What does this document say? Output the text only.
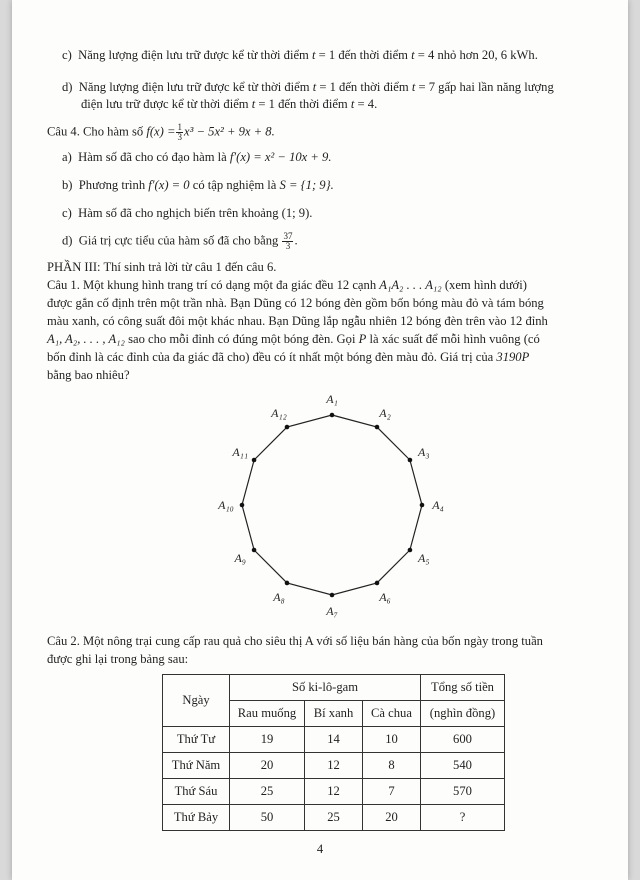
c) Năng lượng điện lưu trữ được kể từ thời điểm t = 1 đến thời điểm t = 4 nhỏ hơn 20, 6 kWh.
d) Năng lượng điện lưu trữ được kể từ thời điểm t = 1 đến thời điểm t = 7 gấp hai lần năng lượng
điện lưu trữ được kể từ thời điểm t = 1 đến thời điểm t = 4.
Câu 4. Cho hàm số $f(x) = \frac{1}{3} x^3 - 5x^2 + 9x + 8$.
a) Hàm số đã cho có đạo hàm là f′(x) = x² − 10x + 9.
b) Phương trình f′(x) = 0 có tập nghiệm là S = {1; 9}.
c) Hàm số đã cho nghịch biến trên khoảng (1; 9).
d) Giá trị cực tiểu của hàm số đã cho bằng $\frac{37}{3}$ .
PHẦN III: Thí sinh trả lời từ câu 1 đến câu 6.
Câu 1. Một khung hình trang trí có dạng một đa giác đều 12 cạnh A₁A₂ . . . A₁₂ (xem hình dưới)
được gắn cố định trên một trần nhà. Bạn Dũng có 12 bóng đèn gồm bốn bóng màu đỏ và tám bóng
màu xanh, có công suất đôi một khác nhau. Bạn Dũng lắp ngẫu nhiên 12 bóng đèn trên vào 12 đỉnh
A₁, A₂, . . . , A₁₂ sao cho mỗi đỉnh có đúng một bóng đèn. Gọi P là xác suất để mỗi hình vuông (có
bốn đỉnh là các đỉnh của đa giác đã cho) đều có ít nhất một bóng đèn màu đỏ. Giá trị của 3190P
bằng bao nhiêu?
A₁
A₂
A₃
A₄
A₅
A₆
A₇
A₈
A₉
A₁₀
A₁₁
A₁₂
Câu 2. Một nông trại cung cấp rau quả cho siêu thị A với số liệu bán hàng của bốn ngày trong tuần
được ghi lại trong bảng sau:
Ngày	Số ki-lô-gam			Tổng số tiền
	Rau muống	Bí xanh	Cà chua	(nghìn đồng)
Thứ Tư	19	14	10	600
Thứ Năm	20	12	8	540
Thứ Sáu	25	12	7	570
Thứ Bảy	50	25	20	?
4
